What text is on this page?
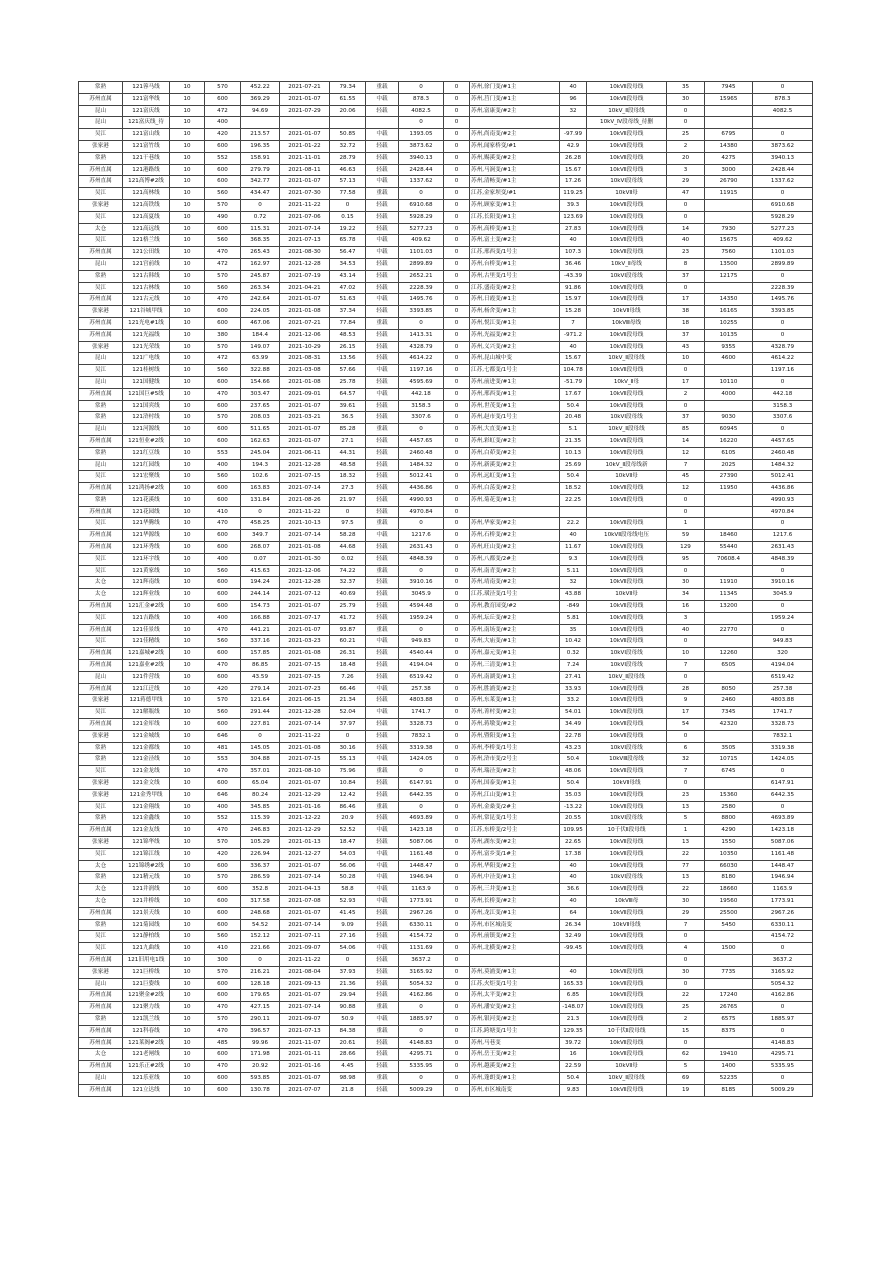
常熟	121蓉马线	10	570	452.22	2021-07-21	79.34	重载	0	0	苏州,徐门变/#1主	40	10kVⅡ段母线	35	7945	0
苏州直属	121富华线	10	600	369.29	2021-01-07	61.55	中载	878.3	0	苏州,莒门变/#1主	96	10kVⅡ段母线	30	15965	878.3
昆山	121富庆线	10	472	94.69	2021-07-29	20.06	轻载	4082.5	0	苏州,富康变/#2主	32	10kV_Ⅱ段母线	0		4082.5
昆山	121富庆线_待	10	400					0	0			10kV_Ⅳ段母线_待删	0		
吴江	121富山线	10	420	213.57	2021-01-07	50.85	中载	1393.05	0	苏州,尚南变/#2主	-97.99	10kVⅡ段母线	25	6795	0
张家港	121富竹线	10	600	196.35	2021-01-22	32.72	轻载	3873.62	0	苏州,闻家桥变/#1	42.9	10kVⅡ段母线	2	14380	3873.62
常熟	121干巷线	10	552	158.91	2021-11-01	28.79	轻载	3940.13	0	苏州,赐溪变/#2主	26.28	10kVⅡ段母线	20	4275	3940.13
苏州直属	121港路线	10	600	279.79	2021-08-11	46.63	轻载	2428.44	0	苏州,马涧变/#1主	15.67	10kVⅡ段母线	3	3000	2428.44
苏州直属	121高博#2线	10	600	342.77	2021-01-07	57.13	中载	1337.62	0	苏州,清畅变/#1主	17.26	10kVⅠ段母线	29	26790	1337.62
吴江	121高林线	10	560	434.47	2021-07-30	77.58	重载	0	0	江苏,金家坝变/#1	119.25	10kVⅡ母	47	11915	0
张家港	121高铁线	10	570	0	2021-11-22	0	轻载	6910.68	0	苏州,顾家变/#1主	39.3	10kVⅡ段母线	0		6910.68
吴江	121高夏线	10	490	0.72	2021-07-06	0.15	轻载	5928.29	0	江苏,长阳变/#1主	123.69	10kVⅡ段母线	0		5928.29
太仓	121高远线	10	600	115.31	2021-07-14	19.22	轻载	5277.23	0	苏州,高桥变/#1主	27.83	10kVⅡ段母线	14	7930	5277.23
吴江	121格兰线	10	560	368.35	2021-07-13	65.78	中载	409.62	0	苏州,富土变/#2主	40	10kVⅡ段母线	40	15675	409.62
苏州直属	121公田线	10	470	265.43	2021-08-30	56.47	中载	1101.03	0	江苏,邢西变/1号主	107.3	10kVⅡ段母线	23	7560	1101.03
昆山	121宫前线	10	472	162.97	2021-12-28	34.53	轻载	2899.89	0	苏州,台桥变/#1主	36.46	10kV_Ⅱ母线	8	13500	2899.89
常熟	121古韩线	10	570	245.87	2021-07-19	43.14	轻载	2652.21	0	苏州,古里变/1号主	-43.39	10kVⅠ段母线	37	12175	0
吴江	121古林线	10	560	263.34	2021-04-21	47.02	轻载	2228.39	0	江苏,盛南变/#2主	91.86	10kVⅡ段母线	0		2228.39
苏州直属	121古元线	10	470	242.64	2021-01-07	51.63	中载	1495.76	0	苏州,日霞变/#1主	15.97	10kVⅡ段母线	17	14350	1495.76
张家港	121谷城甲线	10	600	224.05	2021-01-08	37.34	轻载	3393.85	0	苏州,杨舍变/#1主	15.28	10kVⅡ母线	38	16165	3393.85
苏州直属	121光电#1线	10	600	467.06	2021-07-21	77.84	重载	0	0	苏州,悦江变/#1主	7	10kVⅢ母线	18	10255	0
苏州直属	121光福线	10	380	184.4	2021-12-06	48.53	轻载	1413.31	0	苏州,光福变/#2主	-971.2	10kVⅡ段母线	37	10135	0
张家港	121光荣线	10	570	149.07	2021-10-29	26.15	轻载	4328.79	0	苏州,义兴变/#2主	40	10kVⅡ段母线	43	9355	4328.79
昆山	121广电线	10	472	63.99	2021-08-31	13.56	轻载	4614.22	0	苏州,昆山城中变	15.67	10kV_Ⅱ段母线	10	4600	4614.22
吴江	121桂树线	10	560	322.88	2021-03-08	57.66	中载	1197.16	0	江苏,七都变/1号主	104.78	10kVⅡ段母线	0		1197.16
昆山	121国健线	10	600	154.66	2021-01-08	25.78	轻载	4595.69	0	苏州,前进变/#1主	-51.79	10kV_Ⅱ母	17	10110	0
苏州直属	121国巨#5线	10	470	303.47	2021-09-01	64.57	中载	442.18	0	苏州,邢西变/#1主	17.67	10kVⅡ段母线	2	4000	442.18
常熟	121国宾线	10	600	237.65	2021-01-07	39.61	轻载	3158.3	0	苏州,世茂变/#1主	50.4	10kVⅡ段母线	0		3158.3
常熟	121浒村线	10	570	208.03	2021-03-21	36.5	轻载	3307.6	0	苏州,赵市变/1号主	20.48	10kVⅠ段母线	37	9030	3307.6
昆山	121河源线	10	600	511.65	2021-01-07	85.28	重载	0	0	苏州,大直变/#1主	5.1	10kV_Ⅱ段母线	85	60945	0
苏州直属	121恒业#2线	10	600	162.63	2021-01-07	27.1	轻载	4457.65	0	苏州,彩虹变/#2主	21.35	10kVⅡ段母线	14	16220	4457.65
常熟	121红豆线	10	553	245.04	2021-06-11	44.31	轻载	2460.48	0	苏州,白茆变/#2主	10.13	10kVⅡ段母线	12	6105	2460.48
昆山	121红园线	10	400	194.3	2021-12-28	48.58	轻载	1484.32	0	苏州,新溪变/#2主	25.69	10kV_Ⅱ段母线新	7	2025	1484.32
吴江	121宏聚线	10	560	102.6	2021-07-15	18.32	轻载	5012.41	0	苏州,远虹变/#1主	50.4	10kVⅡ母	45	27390	5012.41
苏州直属	121鸿扬#2线	10	600	163.83	2021-07-14	27.3	轻载	4436.86	0	苏州,白荡变/#2主	18.52	10kVⅡ段母线	12	11950	4436.86
常熟	121花溪线	10	600	131.84	2021-08-26	21.97	轻载	4990.93	0	苏州,菊花变/#1主	22.25	10kVⅡ段母线	0		4990.93
苏州直属	121花园线	10	410	0	2021-11-22	0	轻载	4970.84	0				0		4970.84
吴江	121华腾线	10	470	458.25	2021-10-13	97.5	重载	0	0	苏州,华家变/#2主	22.2	10kVⅡ段母线	1		0
苏州直属	121华源线	10	600	349.7	2021-07-14	58.28	中载	1217.6	0	苏州,石桥变/#2主	40	10kVⅡ段母线电压	59	18460	1217.6
苏州直属	121环秀线	10	600	268.07	2021-01-08	44.68	轻载	2631.43	0	苏州,旺山变/#2主	11.67	10kVⅡ段母线	129	55440	2631.43
吴江	121环宇线	10	400	0.07	2021-01-30	0.02	轻载	4848.39	0	苏州,八都变/2#主	9.3	10kVⅡ段母线	95	70608.4	4848.39
吴江	121黄家线	10	560	415.63	2021-12-06	74.22	重载	0	0	苏州,南青变/#2主	5.11	10kVⅡ段母线	0		0
太仓	121辉南线	10	600	194.24	2021-12-28	32.37	轻载	3910.16	0	苏州,靖南变/#2主	32	10kVⅡ段母线	30	11910	3910.16
太仓	121辉业线	10	600	244.14	2021-07-12	40.69	轻载	3045.9	0	江苏,璜泾变/1号主	43.88	10kVⅡ母	34	11345	3045.9
苏州直属	121汇金#2线	10	600	154.73	2021-01-07	25.79	轻载	4594.48	0	苏州,教育园变/#2	-849	10kVⅡ段母线	16	13200	0
吴江	121吉路线	10	400	166.88	2021-07-17	41.72	轻载	1959.24	0	苏州,坛丘变/#2主	5.81	10kVⅡ段母线	3		1959.24
苏州直属	121佳景线	10	470	441.21	2021-01-07	93.87	重载	0	0	苏州,南场变/#2主	35	10kVⅡ段母线	40	22770	0
吴江	121佳精线	10	560	337.16	2021-03-23	60.21	中载	949.83	0	苏州,大庙变/#1主	10.42	10kVⅡ段母线	0		949.83
苏州直属	121嘉城#2线	10	600	157.85	2021-01-08	26.31	轻载	4540.44	0	苏州,嘉元变/#1主	0.32	10kVⅠ段母线	10	12260	320
苏州直属	121嘉业#2线	10	470	86.85	2021-07-15	18.48	轻载	4194.04	0	苏州,三清变/#1主	7.24	10kVⅠ段母线	7	6505	4194.04
昆山	121件营线	10	600	43.59	2021-07-15	7.26	轻载	6519.42	0	苏州,南湖变/#1主	27.41	10kV_Ⅱ段母线	0		6519.42
苏州直属	121江迁线	10	420	279.14	2021-07-23	66.46	中载	257.38	0	苏州,胜浦变/#2主	33.93	10kVⅡ段母线	28	8050	257.38
张家港	121蒋德甲线	10	570	121.64	2021-06-15	21.34	轻载	4803.88	0	苏州,东莱变/#1主	33.2	10kVⅡ段母线	9	2460	4803.88
吴江	121解瓶线	10	560	291.44	2021-12-28	52.04	中载	1741.7	0	苏州,菁村变/#2主	54.01	10kVⅡ段母线	17	7345	1741.7
苏州直属	121金厍线	10	600	227.81	2021-07-14	37.97	轻载	3328.73	0	苏州,蒋墩变/#2主	34.49	10kVⅡ段母线	54	42320	3328.73
张家港	121金城线	10	646	0	2021-11-22	0	轻载	7832.1	0	苏州,暨阳变/#1主	22.78	10kVⅡ段母线	0		7832.1
常熟	121金都线	10	481	145.05	2021-01-08	30.16	轻载	3319.38	0	苏州,李桥变/1号主	43.23	10kVⅠ段母线	6	3505	3319.38
常熟	121金泾线	10	553	304.88	2021-07-15	55.13	中载	1424.05	0	苏州,浒市变/2号主	50.4	10kVⅢ段母线	32	10715	1424.05
吴江	121金龙线	10	470	357.01	2021-08-10	75.96	重载	0	0	苏州,瑞泾变/#2主	48.06	10kVⅡ段母线	7	6745	0
张家港	121金文线	10	600	65.04	2021-01-07	10.84	轻载	6147.91	0	苏州,国泰变/#1主	50.4	10kVⅡ母线	0		6147.91
张家港	121金秀甲线	10	646	80.24	2021-12-29	12.42	轻载	6442.35	0	苏州,江山变/#1主	35.03	10kVⅡ段母线	23	15360	6442.35
吴江	121金翔线	10	400	345.85	2021-01-16	86.46	重载	0	0	苏州,金桑变/2#主	-13.22	10kVⅡ段母线	13	2580	0
常熟	121金鑫线	10	552	115.39	2021-12-22	20.9	轻载	4693.89	0	苏州,常昆变/1号主	20.55	10kVⅠ段母线	5	8800	4693.89
苏州直属	121金友线	10	470	246.83	2021-12-29	52.52	中载	1423.18	0	江苏,东桥变/2号主	109.95	10千伏Ⅱ段母线	1	4290	1423.18
张家港	121锦华线	10	570	105.29	2021-01-13	18.47	轻载	5087.06	0	苏州,湖东变/#2主	22.65	10kVⅡ段母线	13	1550	5087.06
吴江	121锦江线	10	420	226.94	2021-12-27	54.03	中载	1161.48	0	苏州,富乡变/1#主	17.38	10kVⅡ段母线	22	10350	1161.48
太仓	121锦绣#2线	10	600	336.37	2021-01-07	56.06	中载	1448.47	0	苏州,华阳变/#2主	40	10kVⅡ段母线	77	66030	1448.47
常熟	121精元线	10	570	286.59	2021-07-14	50.28	中载	1946.94	0	苏州,中泾变/#1主	40	10kVⅠ段母线	13	8180	1946.94
太仓	121井润线	10	600	352.8	2021-04-13	58.8	中载	1163.9	0	苏州,三井变/#1主	36.6	10kVⅡ段母线	22	18660	1163.9
太仓	121井桥线	10	600	317.58	2021-07-08	52.93	中载	1773.91	0	苏州,长桥变/#2主	40	10kVⅢ母	30	19560	1773.91
苏州直属	121景天线	10	600	248.68	2021-01-07	41.45	轻载	2967.26	0	苏州,龙江变/#1主	64	10kVⅡ段母线	29	25500	2967.26
常熟	121菊园线	10	600	54.52	2021-07-14	9.09	轻载	6330.11	0	苏州,市区城南变	26.34	10kVⅡ母线	7	5450	6330.11
吴江	121静柏线	10	560	152.12	2021-07-11	27.16	轻载	4154.72	0	苏州,前镇变/#2主	32.49	10kVⅡ段母线	0		4154.72
吴江	121九曲线	10	410	221.66	2021-09-07	54.06	中载	1131.69	0	苏州,北横变/#2主	-99.45	10kVⅡ段母线	4	1500	0
苏州直属	121旧用电1线	10	300	0	2021-11-22	0	轻载	3637.2	0				0		3637.2
张家港	121巨桥线	10	570	216.21	2021-08-04	37.93	轻载	3165.92	0	苏州,莫浦变/#1主	40	10kVⅡ段母线	30	7735	3165.92
昆山	121巨姿线	10	600	128.18	2021-09-13	21.36	轻载	5054.32	0	江苏,火炬变/1号主	165.33	10kVⅡ段母线	0		5054.32
苏州直属	121聚金#2线	10	600	179.65	2021-01-07	29.94	轻载	4162.86	0	苏州,太平变/#2主	6.85	10kVⅡ段母线	22	17240	4162.86
苏州直属	121聚力线	10	470	427.15	2021-07-14	90.88	重载	0	0	苏州,潘安变/#2主	-148.07	10kVⅡ段母线	25	26765	0
常熟	121凯兰线	10	570	290.11	2021-09-07	50.9	中载	1885.97	0	苏州,银河变/#2主	21.3	10kVⅡ段母线	2	6575	1885.97
苏州直属	121科春线	10	470	396.57	2021-07-13	84.38	重载	0	0	江苏,跨塘变/1号主	129.35	10千伏Ⅱ段母线	15	8375	0
苏州直属	121莱阁#2线	10	485	99.96	2021-11-07	20.61	轻载	4148.83	0	苏州,马巷变	39.72	10kVⅡ段母线	0		4148.83
太仓	121老闸线	10	600	171.98	2021-01-11	28.66	轻载	4295.71	0	苏州,岳王变/#2主	16	10kVⅡ段母线	62	19410	4295.71
苏州直属	121乐正#2线	10	470	20.92	2021-01-16	4.45	轻载	5335.95	0	苏州,越溪变/#2主	22.59	10kVⅡ母	5	1400	5335.95
昆山	121乐亚线	10	600	593.85	2021-01-07	98.98	重载	0	0	苏州,蓬朗变/#1主	50.4	10kV_Ⅱ段母线	69	52235	0
苏州直属	121立达线	10	600	130.78	2021-07-07	21.8	轻载	5009.29	0	苏州,市区城南变	9.83	10kVⅡ段母线	19	8185	5009.29
